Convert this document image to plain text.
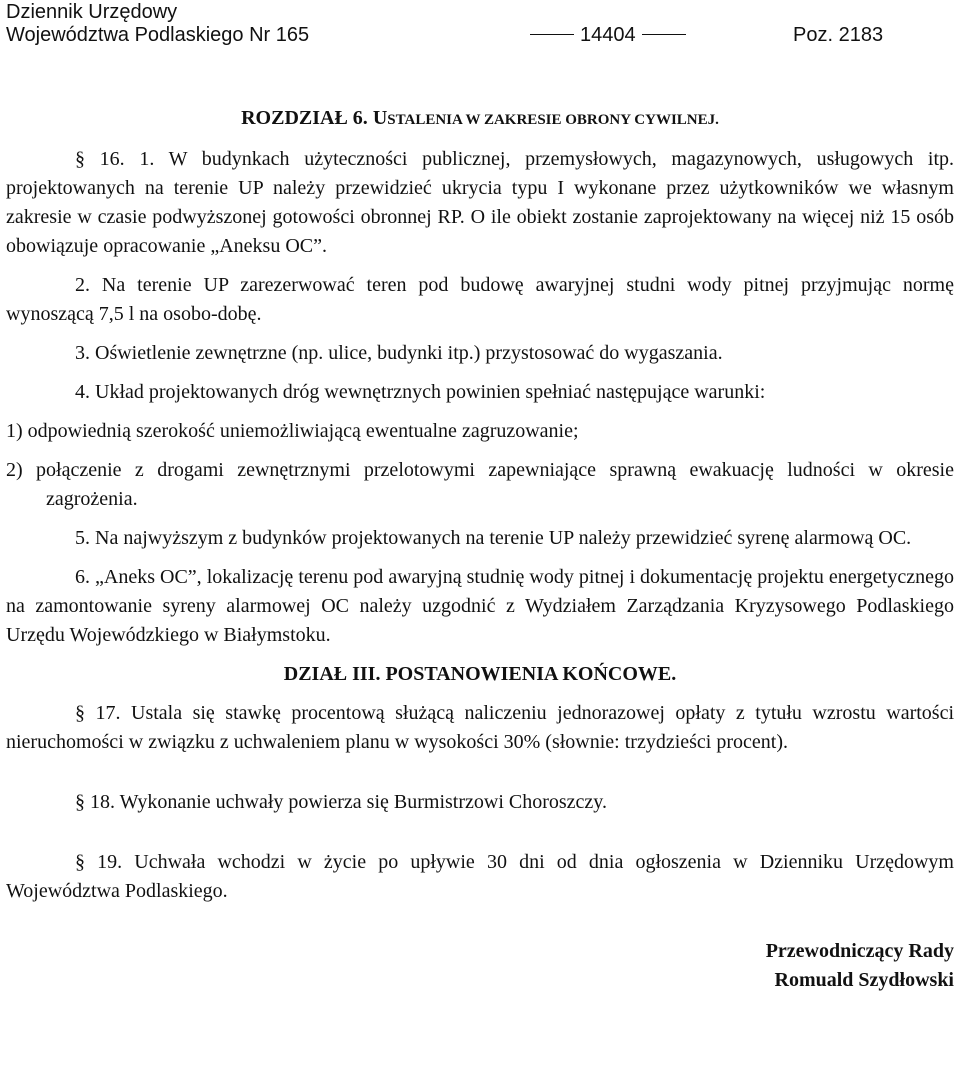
Dziennik Urzędowy
Województwa Podlaskiego Nr 165	14404	Poz. 2183

ROZDZIAŁ 6. USTALENIA W ZAKRESIE OBRONY CYWILNEJ.

§ 16. 1. W budynkach użyteczności publicznej, przemysłowych, magazynowych, usługowych itp. projektowanych na terenie UP należy przewidzieć ukrycia typu I wykonane przez użytkowników we własnym zakresie w czasie podwyższonej gotowości obronnej RP. O ile obiekt zostanie zaprojektowany na więcej niż 15 osób obowiązuje opracowanie „Aneksu OC”.

2. Na terenie UP zarezerwować teren pod budowę awaryjnej studni wody pitnej przyjmując normę wynoszącą 7,5 l na osobo-dobę.

3. Oświetlenie zewnętrzne (np. ulice, budynki itp.) przystosować do wygaszania.

4. Układ projektowanych dróg wewnętrznych powinien spełniać następujące warunki:

1) odpowiednią szerokość uniemożliwiającą ewentualne zagruzowanie;

2) połączenie z drogami zewnętrznymi przelotowymi zapewniające sprawną ewakuację ludności w okresie zagrożenia.

5. Na najwyższym z budynków projektowanych na terenie UP należy przewidzieć syrenę alarmową OC.

6. „Aneks OC”, lokalizację terenu pod awaryjną studnię wody pitnej i dokumentację projektu energetycznego na zamontowanie syreny alarmowej OC należy uzgodnić z Wydziałem Zarządzania Kryzysowego Podlaskiego Urzędu Wojewódzkiego w Białymstoku.

DZIAŁ III. POSTANOWIENIA KOŃCOWE.

§ 17. Ustala się stawkę procentową służącą naliczeniu jednorazowej opłaty z tytułu wzrostu wartości nieruchomości w związku z uchwaleniem planu w wysokości 30% (słownie: trzydzieści procent).

§ 18. Wykonanie uchwały powierza się Burmistrzowi Choroszczy.

§ 19. Uchwała wchodzi w życie po upływie 30 dni od dnia ogłoszenia w Dzienniku Urzędowym Województwa Podlaskiego.

Przewodniczący Rady

Romuald Szydłowski
